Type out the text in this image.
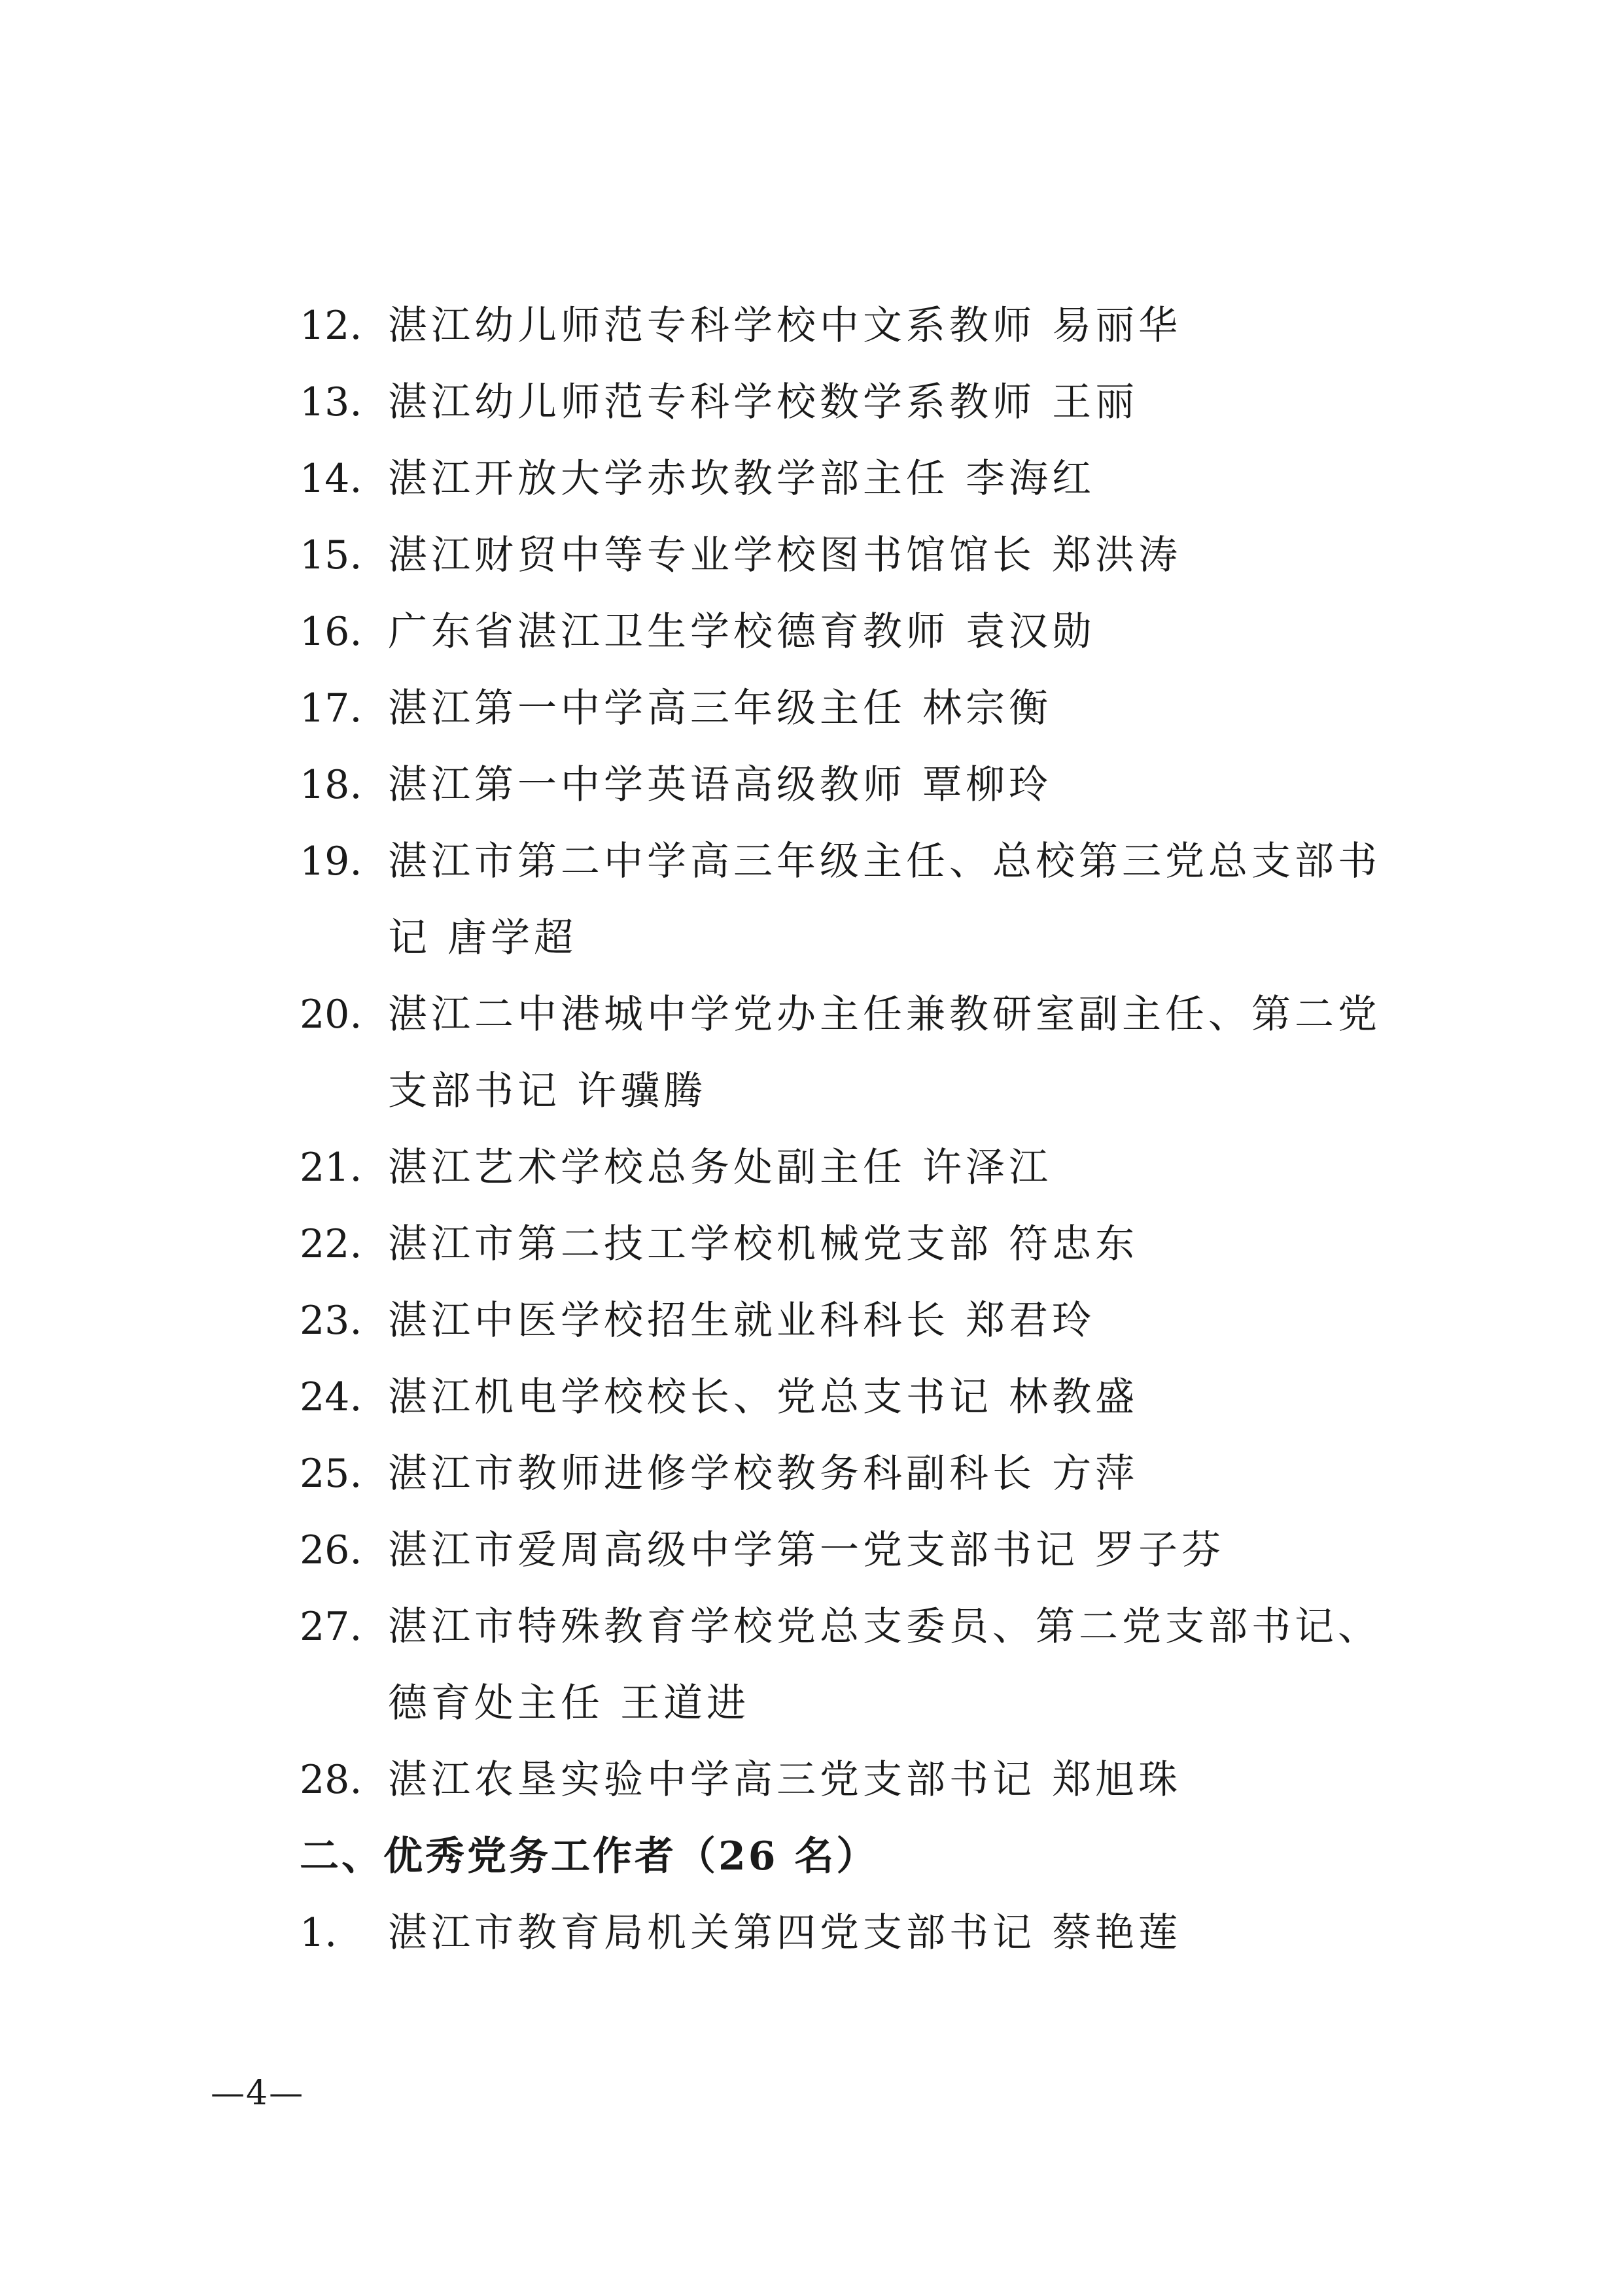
12. 湛江幼儿师范专科学校中文系教师 易丽华
13. 湛江幼儿师范专科学校数学系教师 王丽
14. 湛江开放大学赤坎教学部主任 李海红
15. 湛江财贸中等专业学校图书馆馆长 郑洪涛
16. 广东省湛江卫生学校德育教师 袁汉勋
17. 湛江第一中学高三年级主任 林宗衡
18. 湛江第一中学英语高级教师 覃柳玲
19. 湛江市第二中学高三年级主任、总校第三党总支部书记 唐学超
20. 湛江二中港城中学党办主任兼教研室副主任、第二党支部书记 许骥腾
21. 湛江艺术学校总务处副主任 许泽江
22. 湛江市第二技工学校机械党支部 符忠东
23. 湛江中医学校招生就业科科长 郑君玲
24. 湛江机电学校校长、党总支书记 林教盛
25. 湛江市教师进修学校教务科副科长 方萍
26. 湛江市爱周高级中学第一党支部书记 罗子芬
27. 湛江市特殊教育学校党总支委员、第二党支部书记、德育处主任 王道进
28. 湛江农垦实验中学高三党支部书记 郑旭珠
二、优秀党务工作者（26 名）
1.	湛江市教育局机关第四党支部书记 蔡艳莲
—4—
